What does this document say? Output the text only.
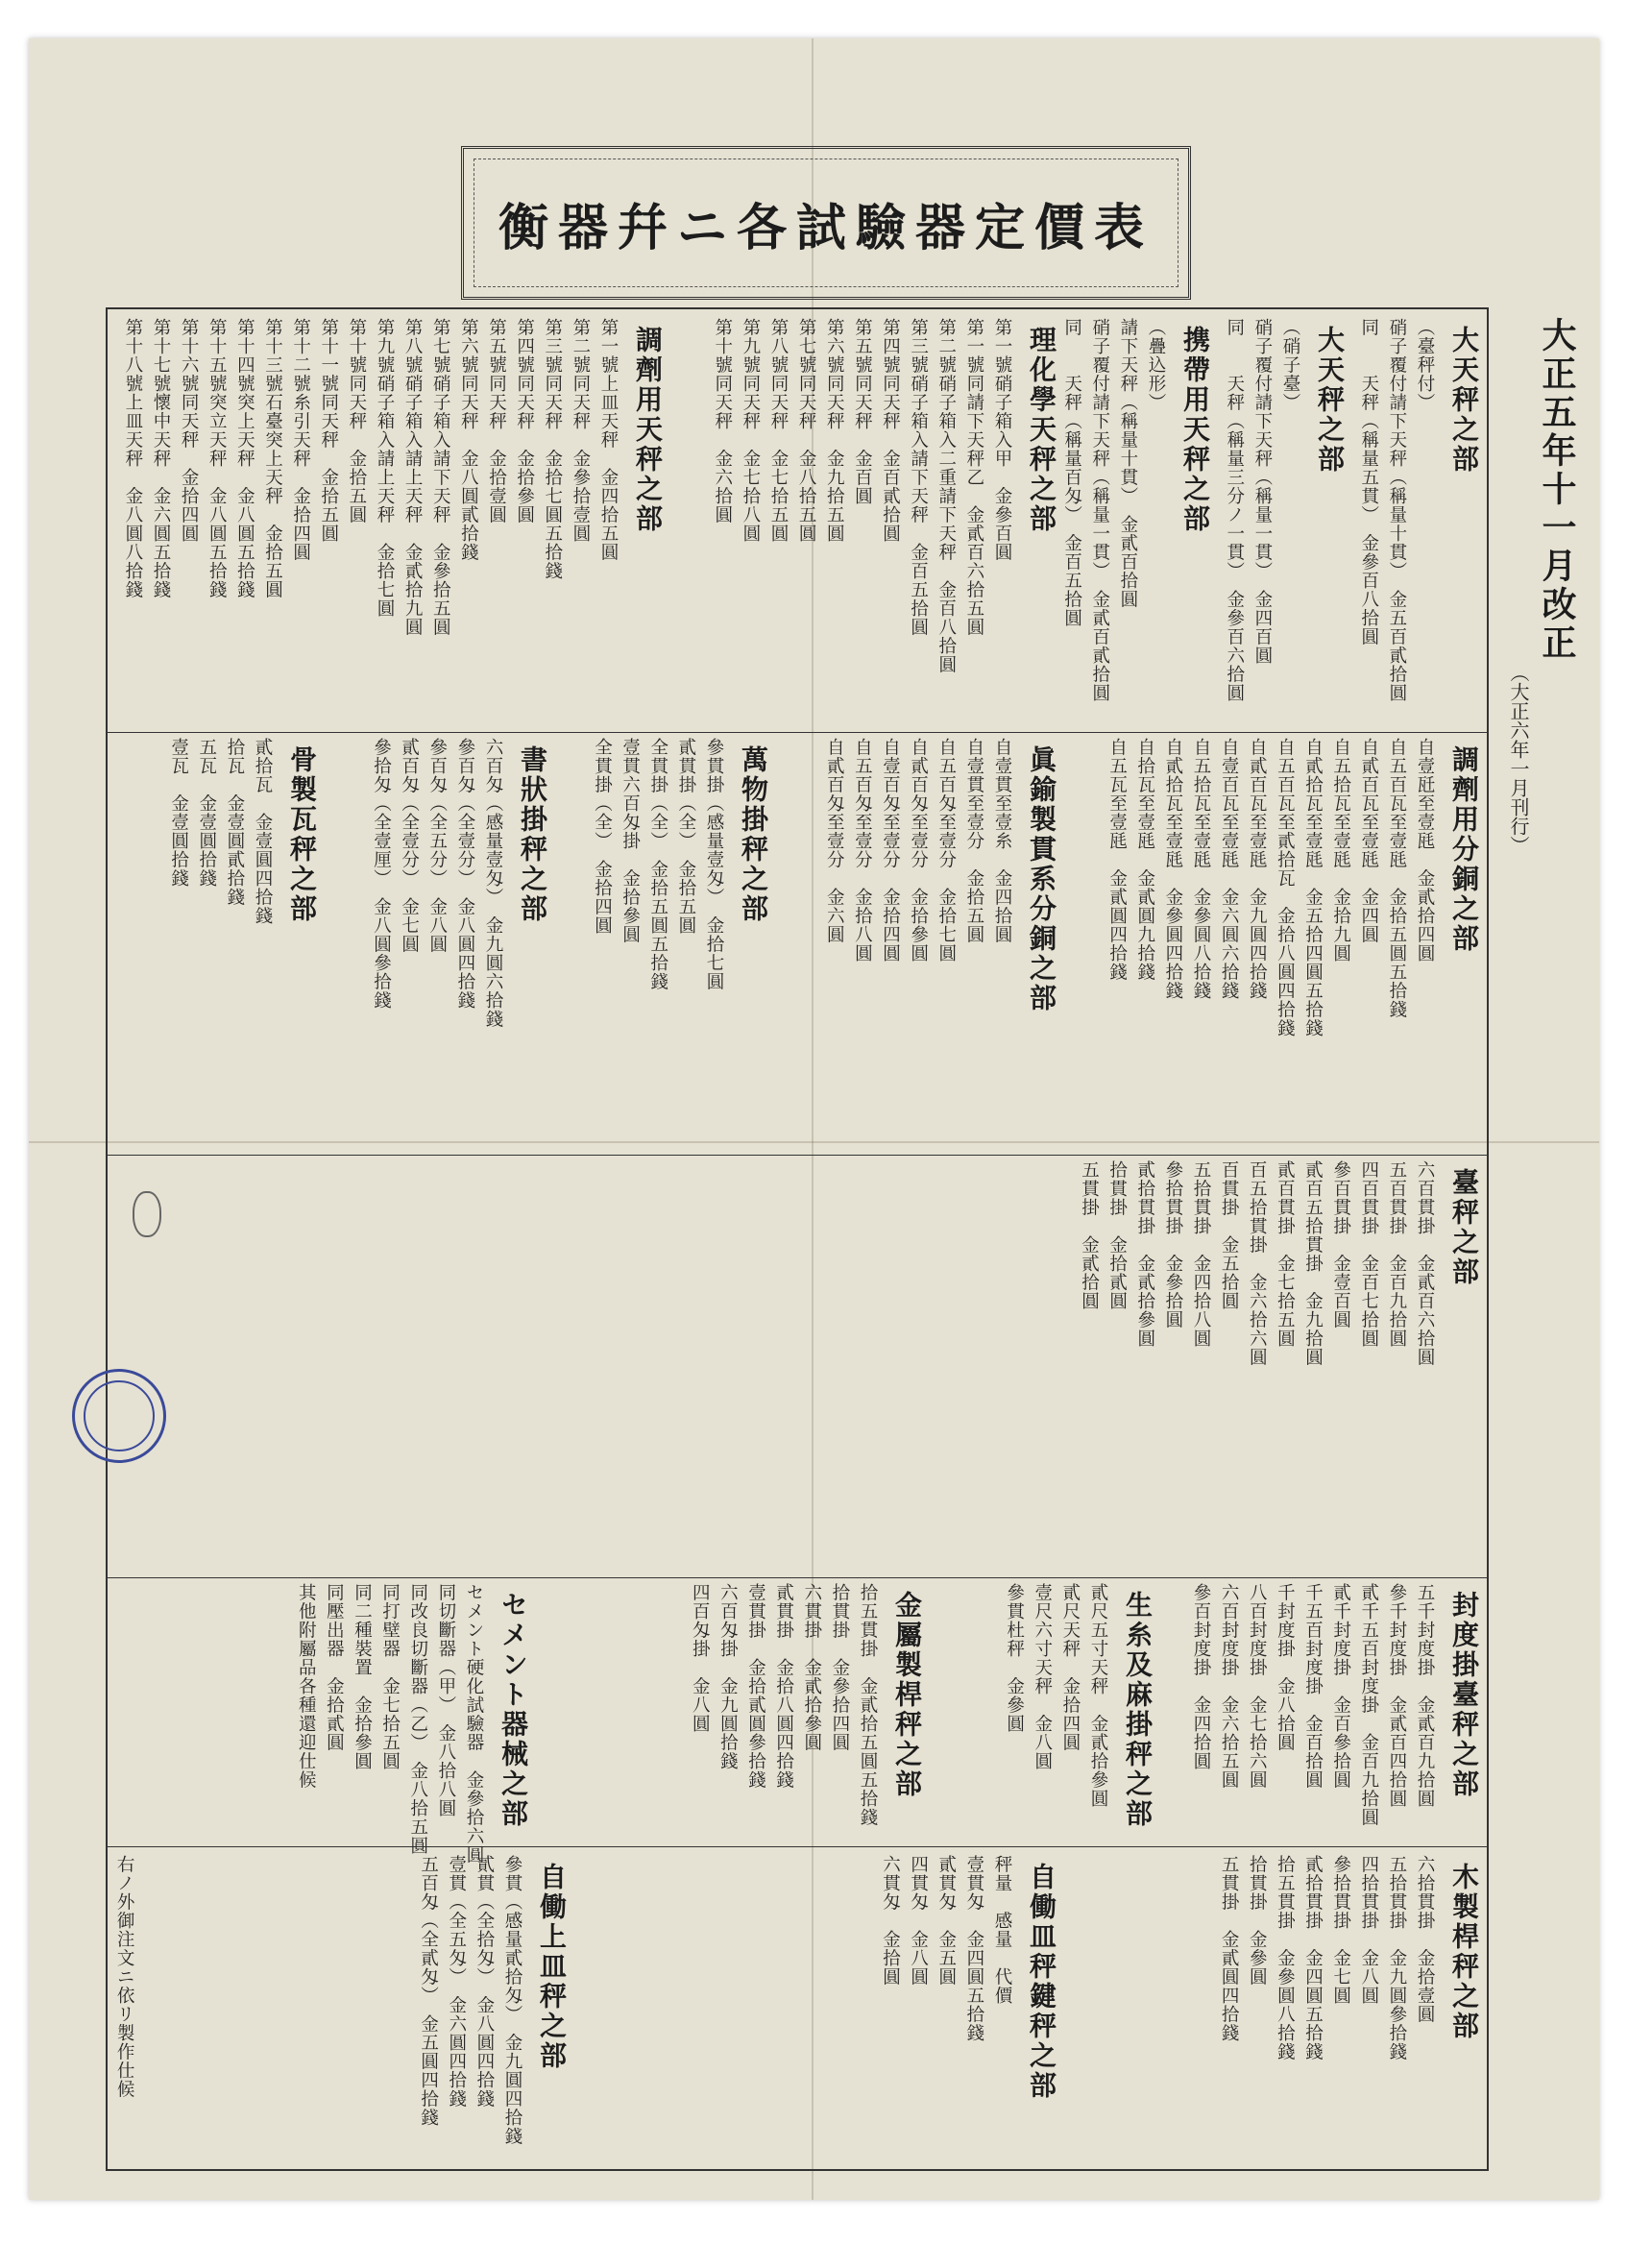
衡器幷ニ各試驗器定價表
大正五年十一月改正
（大正六年一月刊行）
大天秤之部
（臺秤付）
硝子覆付請下天秤（稱量十貫）　金五百貳拾圓
同　　天秤（稱量五貫）　金參百八拾圓
大天秤之部
（硝子臺）
硝子覆付請下天秤（稱量一貫）　金四百圓
同　　天秤（稱量三分ノ一貫）　金參百六拾圓
携帶用天秤之部
（疊込形）
請下天秤（稱量十貫）　金貳百拾圓
硝子覆付請下天秤（稱量一貫）　金貳百貳拾圓
同　　天秤（稱量百匁）　金百五拾圓
理化學天秤之部
第一號硝子箱入甲　金參百圓
第一號同請下天秤乙　金貳百六拾五圓
第二號硝子箱入二重請下天秤　金百八拾圓
第三號硝子箱入請下天秤　金百五拾圓
第四號同天秤　金百貳拾圓
第五號同天秤　金百圓
第六號同天秤　金九拾五圓
第七號同天秤　金八拾五圓
第八號同天秤　金七拾五圓
第九號同天秤　金七拾八圓
第十號同天秤　金六拾圓
調劑用天秤之部
第一號上皿天秤　金四拾五圓
第二號同天秤　金參拾壹圓
第三號同天秤　金拾七圓五拾錢
第四號同天秤　金拾參圓
第五號同天秤　金拾壹圓
第六號同天秤　金八圓貳拾錢
第七號硝子箱入請下天秤　金參拾五圓
第八號硝子箱入請上天秤　金貳拾九圓
第九號硝子箱入請上天秤　金拾七圓
第十號同天秤　金拾五圓
第十一號同天秤　金拾五圓
第十二號糸引天秤　金拾四圓
第十三號石臺突上天秤　金拾五圓
第十四號突上天秤　金八圓五拾錢
第十五號突立天秤　金八圓五拾錢
第十六號同天秤　金拾四圓
第十七號懷中天秤　金六圓五拾錢
第十八號上皿天秤　金八圓八拾錢
調劑用分銅之部
自壹瓩至壹瓱　金貳拾四圓
自五百瓦至壹瓱　金拾五圓五拾錢
自貳百瓦至壹瓱　金四圓
自五拾瓦至壹瓱　金拾九圓
自貳拾瓦至壹瓱　金五拾四圓五拾錢
自五百瓦至貳拾瓦　金拾八圓四拾錢
自貳百瓦至壹瓱　金九圓四拾錢
自壹百瓦至壹瓱　金六圓六拾錢
自五拾瓦至壹瓱　金參圓八拾錢
自貳拾瓦至壹瓱　金參圓四拾錢
自拾瓦至壹瓱　金貳圓九拾錢
自五瓦至壹瓱　金貳圓四拾錢
眞鍮製貫系分銅之部
自壹貫至壹糸　金四拾圓
自壹貫至壹分　金拾五圓
自五百匁至壹分　金拾七圓
自貳百匁至壹分　金拾參圓
自壹百匁至壹分　金拾四圓
自五百匁至壹分　金拾八圓
自貳百匁至壹分　金六圓
萬物掛秤之部
參貫掛（感量壹匁）　金拾七圓
貳貫掛（全）　金拾五圓
全貫掛（全）　金拾五圓五拾錢
壹貫六百匁掛　金拾參圓
全貫掛（全）　金拾四圓
書狀掛秤之部
六百匁（感量壹匁）　金九圓六拾錢
參百匁（全壹分）　金八圓四拾錢
參百匁（全五分）　金八圓
貳百匁（全壹分）　金七圓
參拾匁（全壹厘）　金八圓參拾錢
骨製瓦秤之部
貳拾瓦　金壹圓四拾錢
拾瓦　金壹圓貳拾錢
五瓦　金壹圓拾錢
壹瓦　金壹圓拾錢
臺秤之部
六百貫掛　金貳百六拾圓
五百貫掛　金百九拾圓
四百貫掛　金百七拾圓
參百貫掛　金壹百圓
貳百五拾貫掛　金九拾圓
貳百貫掛　金七拾五圓
百五拾貫掛　金六拾六圓
百貫掛　金五拾圓
五拾貫掛　金四拾八圓
參拾貫掛　金參拾圓
貳拾貫掛　金貳拾參圓
拾貫掛　金拾貳圓
五貫掛　金貳拾圓
封度掛臺秤之部
五千封度掛　金貳百九拾圓
參千封度掛　金貳百四拾圓
貳千五百封度掛　金百九拾圓
貳千封度掛　金百參拾圓
千五百封度掛　金百拾圓
千封度掛　金八拾圓
八百封度掛　金七拾六圓
六百封度掛　金六拾五圓
參百封度掛　金四拾圓
生糸及麻掛秤之部
貳尺五寸天秤　金貳拾參圓
貳尺天秤　金拾四圓
壹尺六寸天秤　金八圓
參貫杜秤　金參圓
金屬製桿秤之部
拾五貫掛　金貳拾五圓五拾錢
拾貫掛　金參拾四圓
六貫掛　金貳拾參圓
貳貫掛　金拾八圓四拾錢
壹貫掛　金拾貳圓參拾錢
六百匁掛　金九圓拾錢
四百匁掛　金八圓
セメント器械之部
セメント硬化試驗器　金參拾六圓
同切斷器（甲）　金八拾八圓
同改良切斷器（乙）　金八拾五圓
同打壁器　金七拾五圓
同二種裝置　金拾參圓
同壓出器　金拾貳圓
其他附屬品各種還迎仕候
木製桿秤之部
六拾貫掛　金拾壹圓
五拾貫掛　金九圓參拾錢
四拾貫掛　金八圓
參拾貫掛　金七圓
貳拾貫掛　金四圓五拾錢
拾五貫掛　金參圓八拾錢
拾貫掛　金參圓
五貫掛　金貳圓四拾錢
自働皿秤鍵秤之部
秤量　感量　代價
壹貫匁　金四圓五拾錢
貳貫匁　金五圓
四貫匁　金八圓
六貫匁　金拾圓
自働上皿秤之部
參貫（感量貳拾匁）　金九圓四拾錢
貳貫（全拾匁）　金八圓四拾錢
壹貫（全五匁）　金六圓四拾錢
五百匁（全貳匁）　金五圓四拾錢
右ノ外御注文ニ依リ製作仕候
